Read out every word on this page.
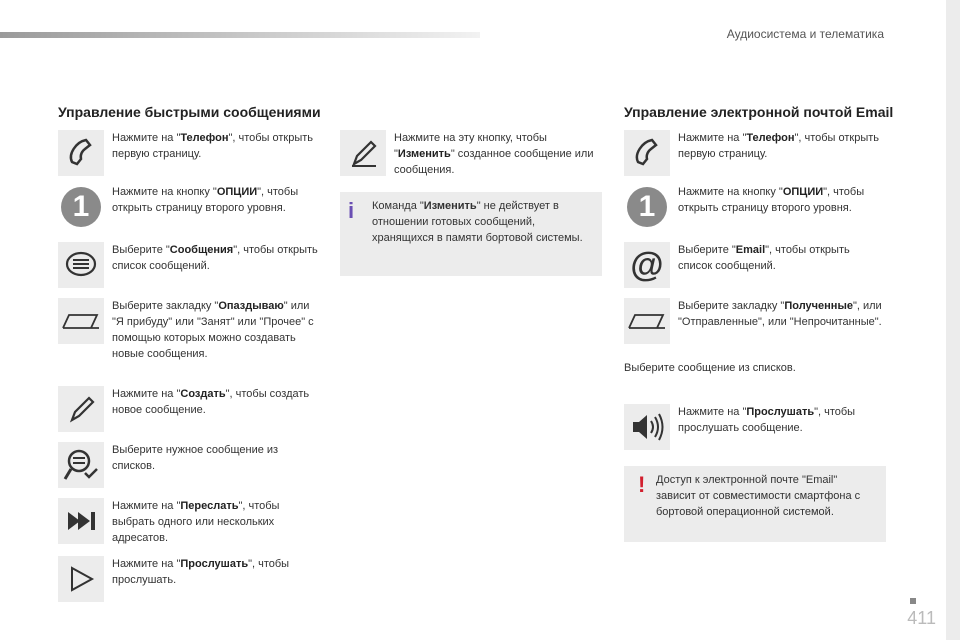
Аудиосистема и телематика
Управление быстрыми сообщениями
Нажмите на "Телефон", чтобы открыть первую страницу.
1	Нажмите на кнопку "ОПЦИИ", чтобы открыть страницу второго уровня.
Выберите "Сообщения", чтобы открыть список сообщений.
Выберите закладку "Опаздываю" или "Я прибуду" или "Занят" или "Прочее" с помощью которых можно создавать новые сообщения.
Нажмите на "Создать", чтобы создать новое сообщение.
Выберите нужное сообщение из списков.
Нажмите на "Переслать", чтобы выбрать одного или нескольких адресатов.
Нажмите на "Прослушать", чтобы прослушать.
Нажмите на эту кнопку, чтобы "Изменить" созданное сообщение или сообщения.
i Команда "Изменить" не действует в отношении готовых сообщений, хранящихся в памяти бортовой системы.
Управление электронной почтой Email
Нажмите на "Телефон", чтобы открыть первую страницу.
1	Нажмите на кнопку "ОПЦИИ", чтобы открыть страницу второго уровня.
@ Выберите "Email", чтобы открыть список сообщений.
Выберите закладку "Полученные", или "Отправленные", или "Непрочитанные".
Выберите сообщение из списков.
Нажмите на "Прослушать", чтобы прослушать сообщение.
! Доступ к электронной почте "Email" зависит от совместимости смартфона с бортовой операционной системой.
411
